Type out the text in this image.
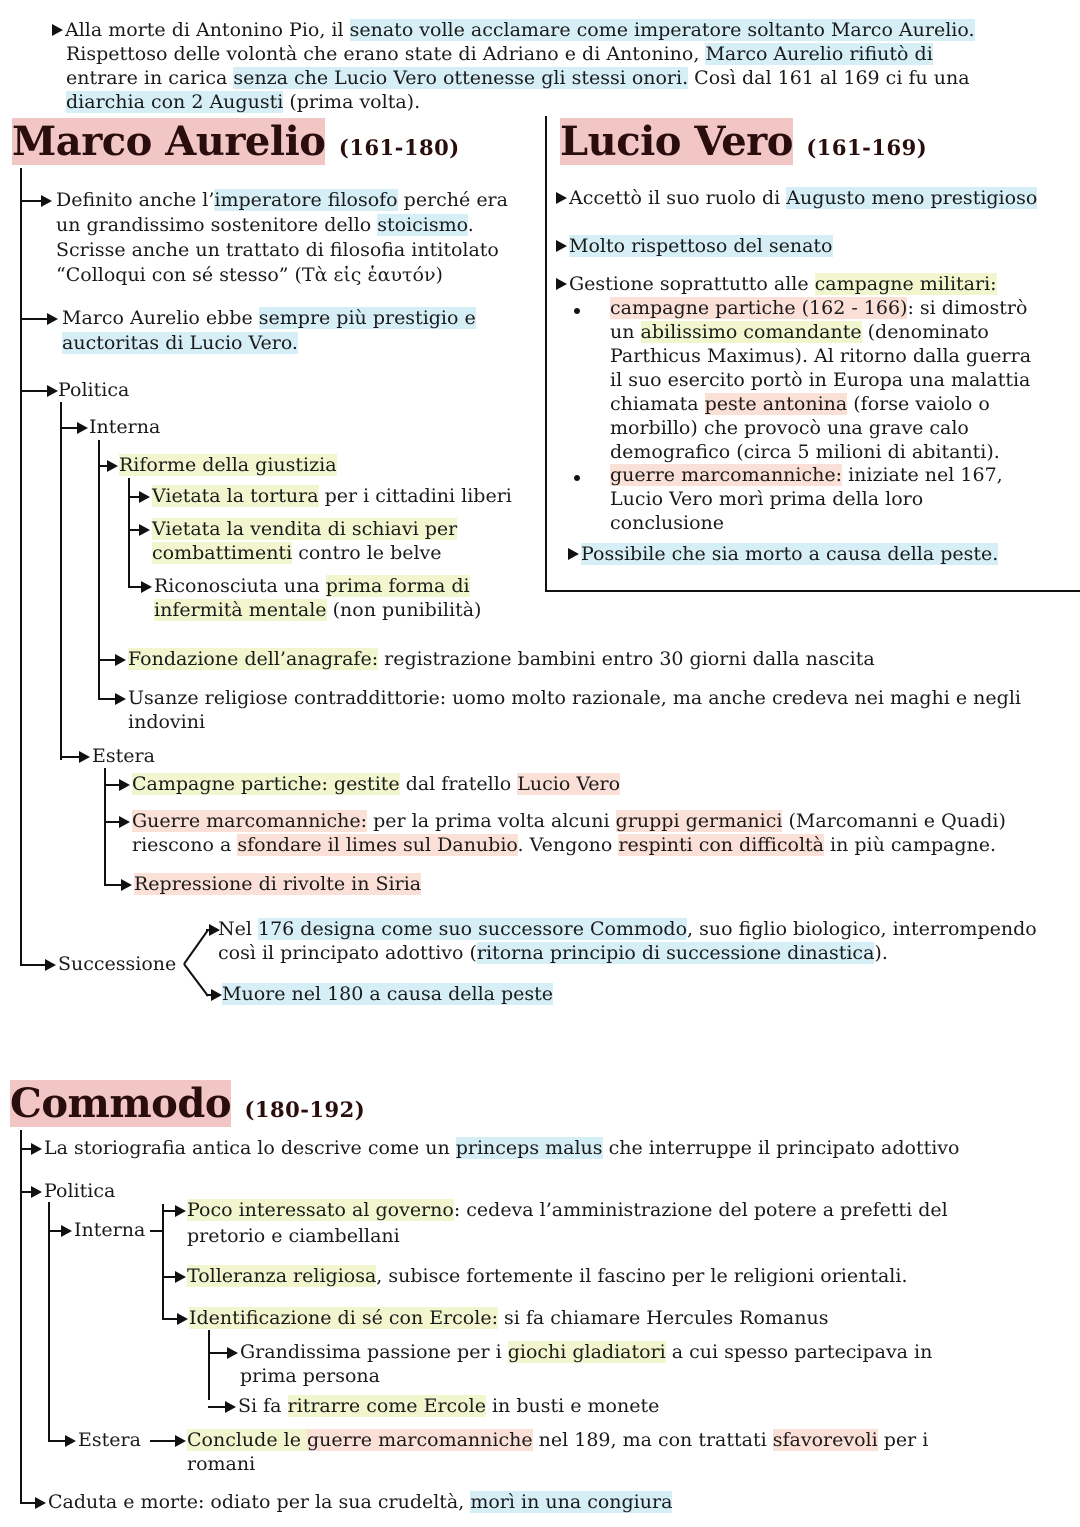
Alla morte di Antonino Pio, il senato volle acclamare come imperatore soltanto Marco Aurelio.
Rispettoso delle volontà che erano state di Adriano e di Antonino, Marco Aurelio rifiutò di
entrare in carica senza che Lucio Vero ottenesse gli stessi onori. Così dal 161 al 169 ci fu una
diarchia con 2 Augusti (prima volta).
Marco Aurelio (161-180)
Definito anche l’imperatore filosofo perché era
un grandissimo sostenitore dello stoicismo.
Scrisse anche un trattato di filosofia intitolato
“Colloqui con sé stesso” (Τὰ εἰς ἑαυτόν)
Marco Aurelio ebbe sempre più prestigio e
auctoritas di Lucio Vero.
Politica
Interna
Riforme della giustizia
Vietata la tortura per i cittadini liberi
Vietata la vendita di schiavi per
combattimenti contro le belve
Riconosciuta una prima forma di
infermità mentale (non punibilità)
Fondazione dell’anagrafe: registrazione bambini entro 30 giorni dalla nascita
Usanze religiose contraddittorie: uomo molto razionale, ma anche credeva nei maghi e negli
indovini
Estera
Campagne partiche: gestite dal fratello Lucio Vero
Guerre marcomanniche: per la prima volta alcuni gruppi germanici (Marcomanni e Quadi)
riescono a sfondare il limes sul Danubio. Vengono respinti con difficoltà in più campagne.
Repressione di rivolte in Siria
Successione
Nel 176 designa come suo successore Commodo, suo figlio biologico, interrompendo
così il principato adottivo (ritorna principio di successione dinastica).
Muore nel 180 a causa della peste
Lucio Vero (161-169)
Accettò il suo ruolo di Augusto meno prestigioso
Molto rispettoso del senato
Gestione soprattutto alle campagne militari:
campagne partiche (162 - 166): si dimostrò
un abilissimo comandante (denominato
Parthicus Maximus). Al ritorno dalla guerra
il suo esercito portò in Europa una malattia
chiamata peste antonina (forse vaiolo o
morbillo) che provocò una grave calo
demografico (circa 5 milioni di abitanti).
guerre marcomanniche: iniziate nel 167,
Lucio Vero morì prima della loro
conclusione
Possibile che sia morto a causa della peste.
Commodo (180-192)
La storiografia antica lo descrive come un princeps malus che interruppe il principato adottivo
Politica
Interna
Poco interessato al governo: cedeva l’amministrazione del potere a prefetti del
pretorio e ciambellani
Tolleranza religiosa, subisce fortemente il fascino per le religioni orientali.
Identificazione di sé con Ercole: si fa chiamare Hercules Romanus
Grandissima passione per i giochi gladiatori a cui spesso partecipava in
prima persona
Si fa ritrarre come Ercole in busti e monete
Estera Conclude le guerre marcomanniche nel 189, ma con trattati sfavorevoli per i
romani
Caduta e morte: odiato per la sua crudeltà, morì in una congiura
